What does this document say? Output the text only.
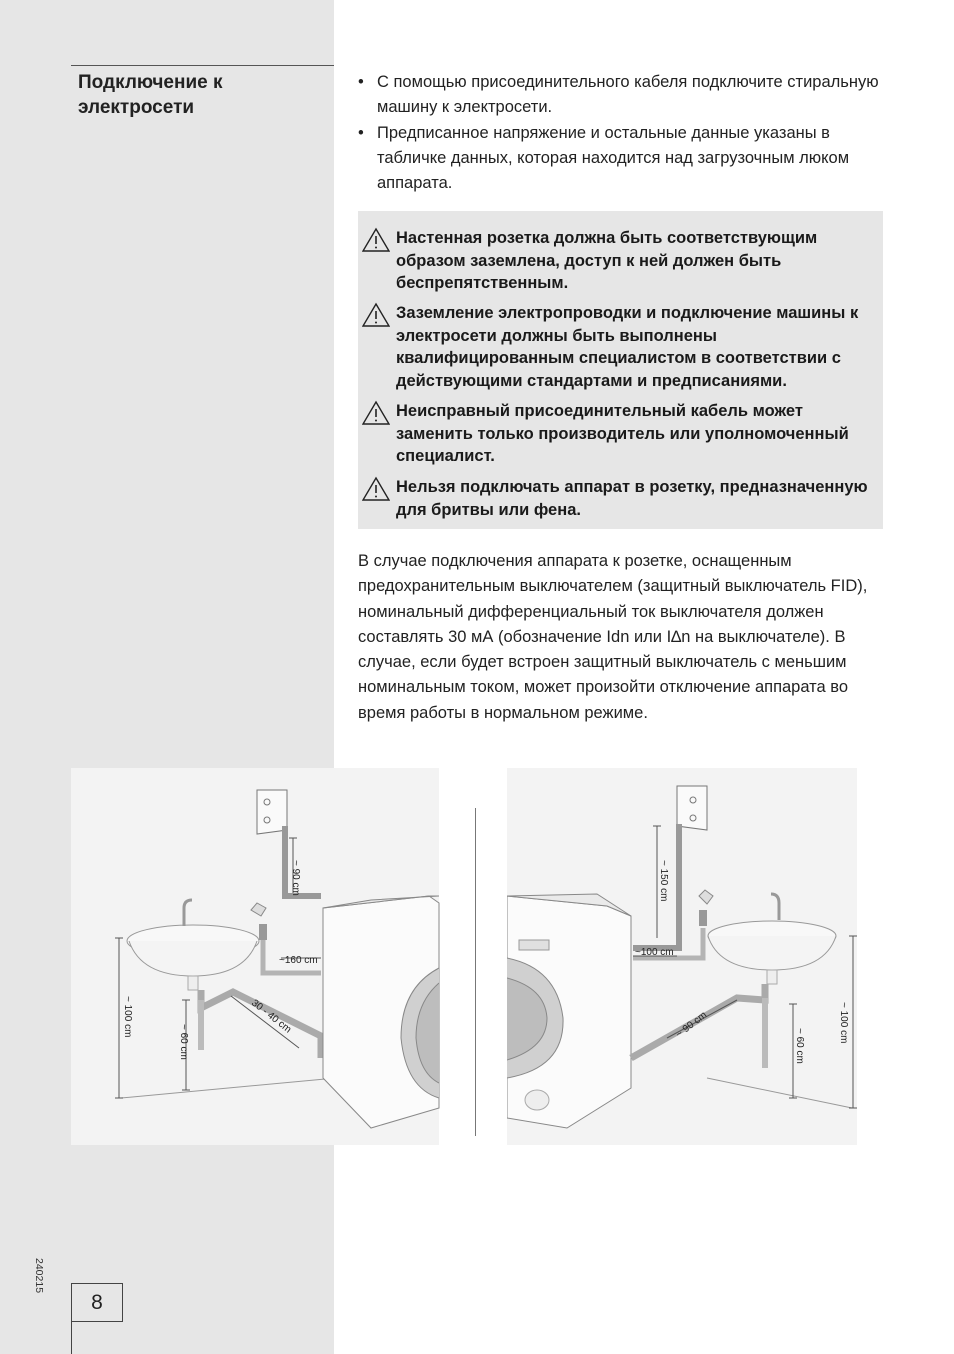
Подключение к
электросети
• С помощью присоединительного кабеля подключите стиральную машину к электросети.
• Предписанное напряжение и остальные данные указаны в табличке данных, которая находится над загрузочным люком аппарата.
Настенная розетка должна быть соответствующим образом заземлена, доступ к ней должен быть беспрепятственным.
Заземление электропроводки и подключение машины к электросети должны быть выполнены квалифицированным специалистом в соответствии с действующими стандартами и предписаниями.
Неисправный присоединительный кабель может заменить только производитель или уполномоченный специалист.
Нельзя подключать аппарат в розетку, предназначенную для бритвы или фена.
В случае подключения аппарата к розетке, оснащенным предохранительным выключателем (защитный выключатель FID), номинальный дифференциальный ток выключателя должен составлять 30 мА (обозначение Idn или I∆n на выключателе). В случае, если будет встроен защитный выключатель с меньшим номинальным током, может произойти отключение аппарата во время работы в нормальном режиме.
~ 90 cm
~160 cm
30 - 40 cm
~ 100 cm
~ 60 cm
~ 150 cm
~100 cm
~ 90 cm
~ 60 cm
~ 100 cm
240215
8
